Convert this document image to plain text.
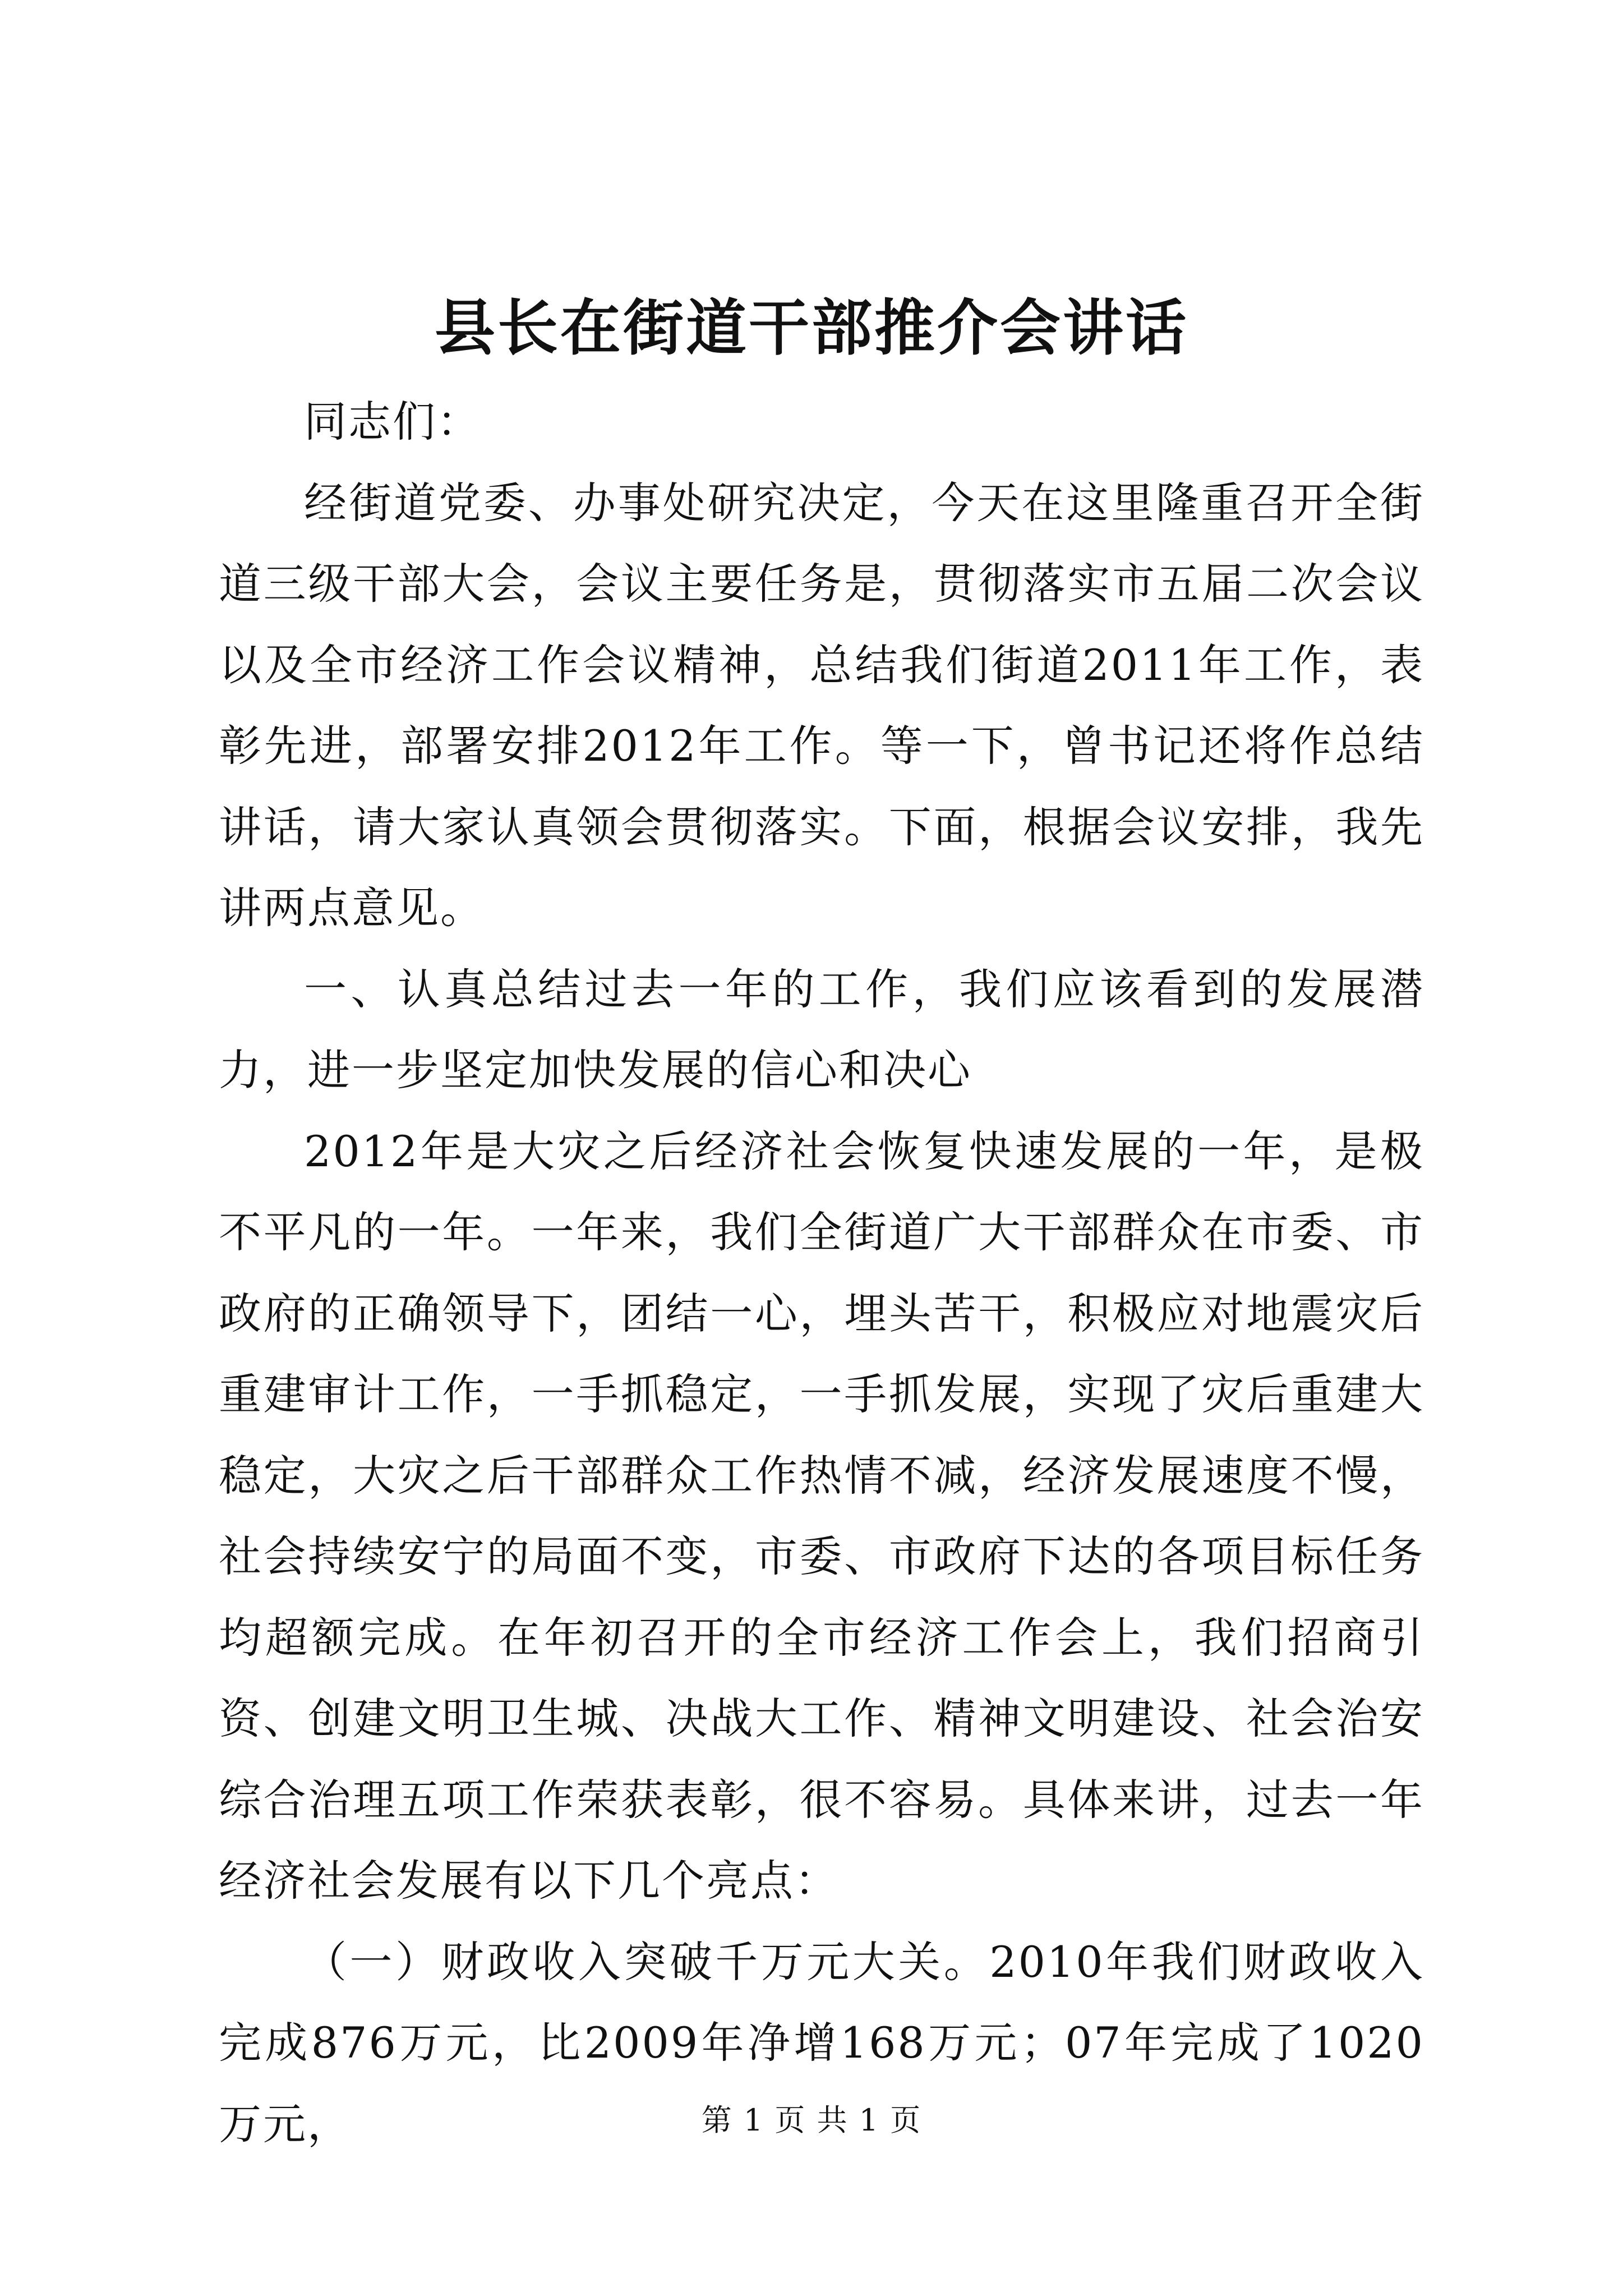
县长在街道干部推介会讲话

同志们：

经街道党委、办事处研究决定，今天在这里隆重召开全街道三级干部大会，会议主要任务是，贯彻落实市五届二次会议以及全市经济工作会议精神，总结我们街道2011年工作，表彰先进，部署安排2012年工作。等一下，曾书记还将作总结讲话，请大家认真领会贯彻落实。下面，根据会议安排，我先讲两点意见。

一、认真总结过去一年的工作，我们应该看到的发展潜力，进一步坚定加快发展的信心和决心

2012年是大灾之后经济社会恢复快速发展的一年，是极不平凡的一年。一年来，我们全街道广大干部群众在市委、市政府的正确领导下，团结一心，埋头苦干，积极应对地震灾后重建审计工作，一手抓稳定，一手抓发展，实现了灾后重建大稳定，大灾之后干部群众工作热情不减，经济发展速度不慢，社会持续安宁的局面不变，市委、市政府下达的各项目标任务均超额完成。在年初召开的全市经济工作会上，我们招商引资、创建文明卫生城、决战大工作、精神文明建设、社会治安综合治理五项工作荣获表彰，很不容易。具体来讲，过去一年经济社会发展有以下几个亮点：

（一）财政收入突破千万元大关。2010年我们财政收入完成876万元，比2009年净增168万元；07年完成了1020万元，	第 1 页 共 1 页
